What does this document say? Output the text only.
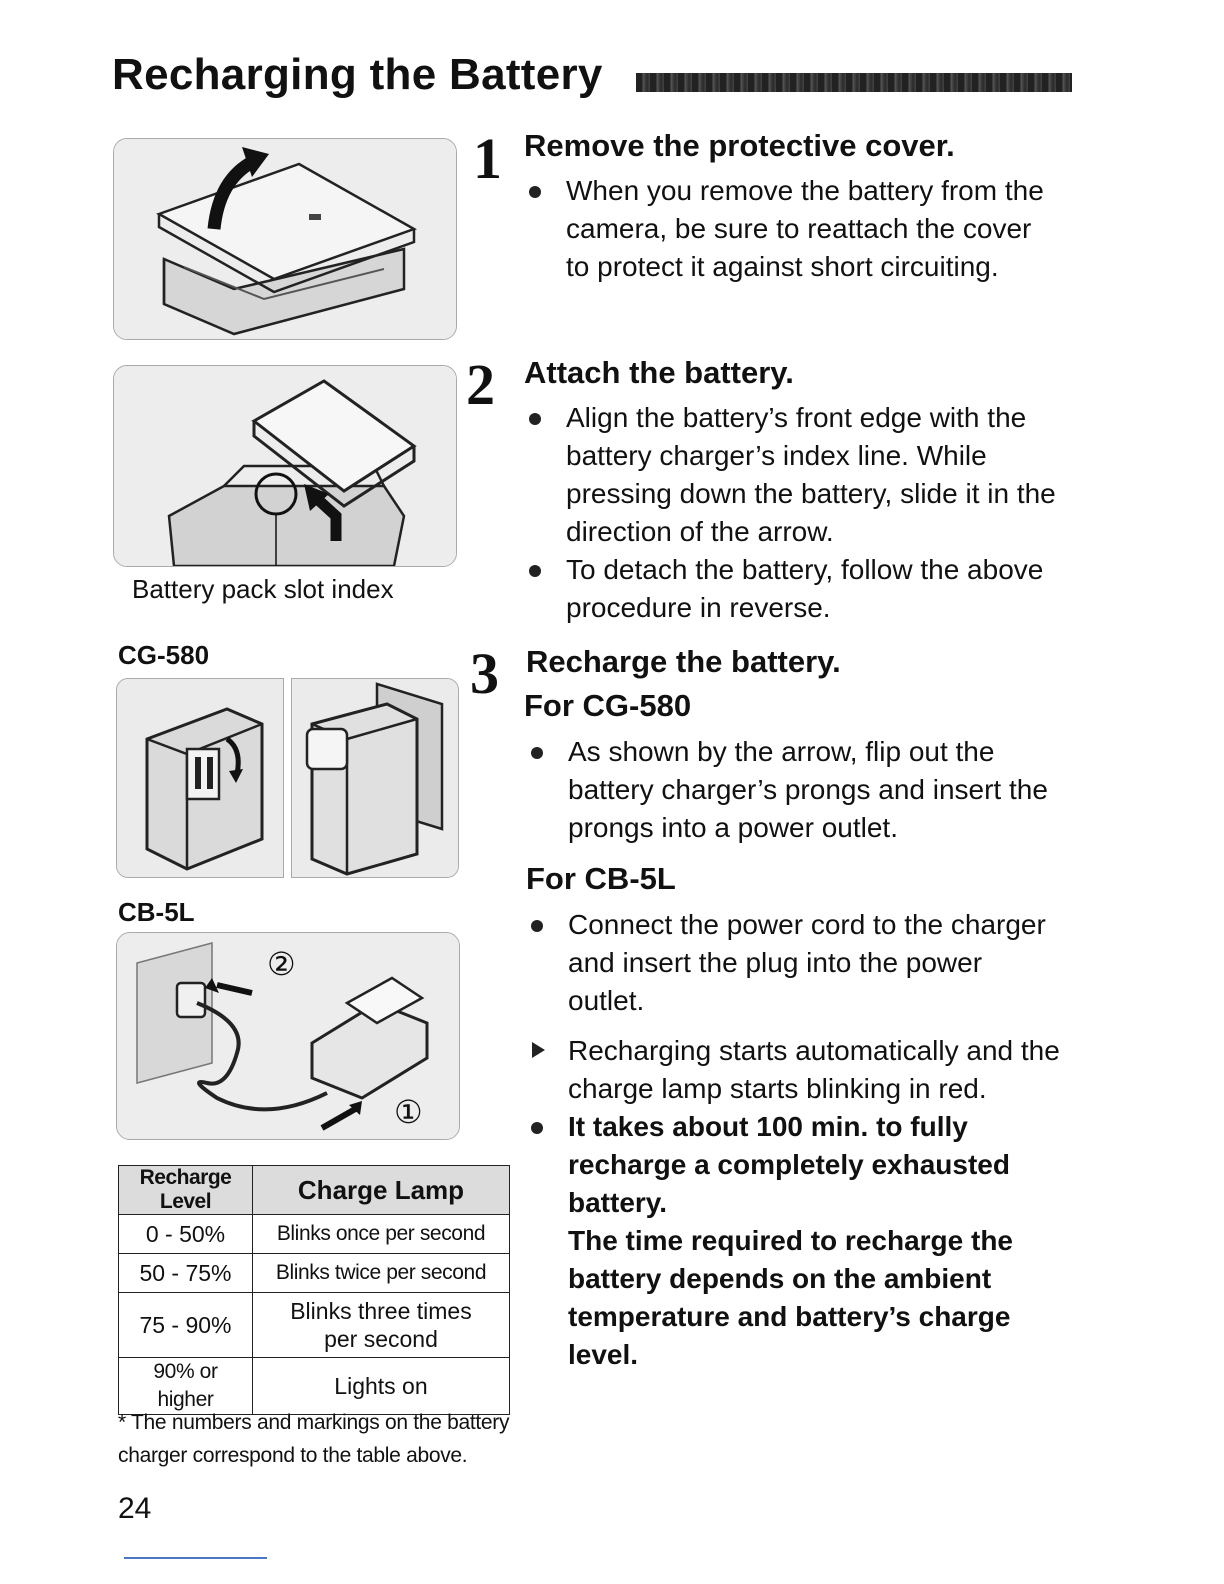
Recharging the Battery
1 Remove the protective cover.
When you remove the battery from the camera, be sure to reattach the cover to protect it against short circuiting.
2
Battery pack slot index
Attach the battery.
Align the battery’s front edge with the battery charger’s index line. While pressing down the battery, slide it in the direction of the arrow.
To detach the battery, follow the above procedure in reverse.
CG-580	3 Recharge the battery.
For CG-580
As shown by the arrow, flip out the battery charger’s prongs and insert the prongs into a power outlet.
CB-5L
②
①
For CB-5L
Connect the power cord to the charger and insert the plug into the power outlet.
Recharging starts automatically and the charge lamp starts blinking in red.
It takes about 100 min. to fully recharge a completely exhausted battery.
The time required to recharge the battery depends on the ambient temperature and battery’s charge level.
Recharge Level	Charge Lamp
0 - 50%	Blinks once per second
50 - 75%	Blinks twice per second
75 - 90%	Blinks three times per second
90% or higher	Lights on
* The numbers and markings on the battery charger correspond to the table above.
24
